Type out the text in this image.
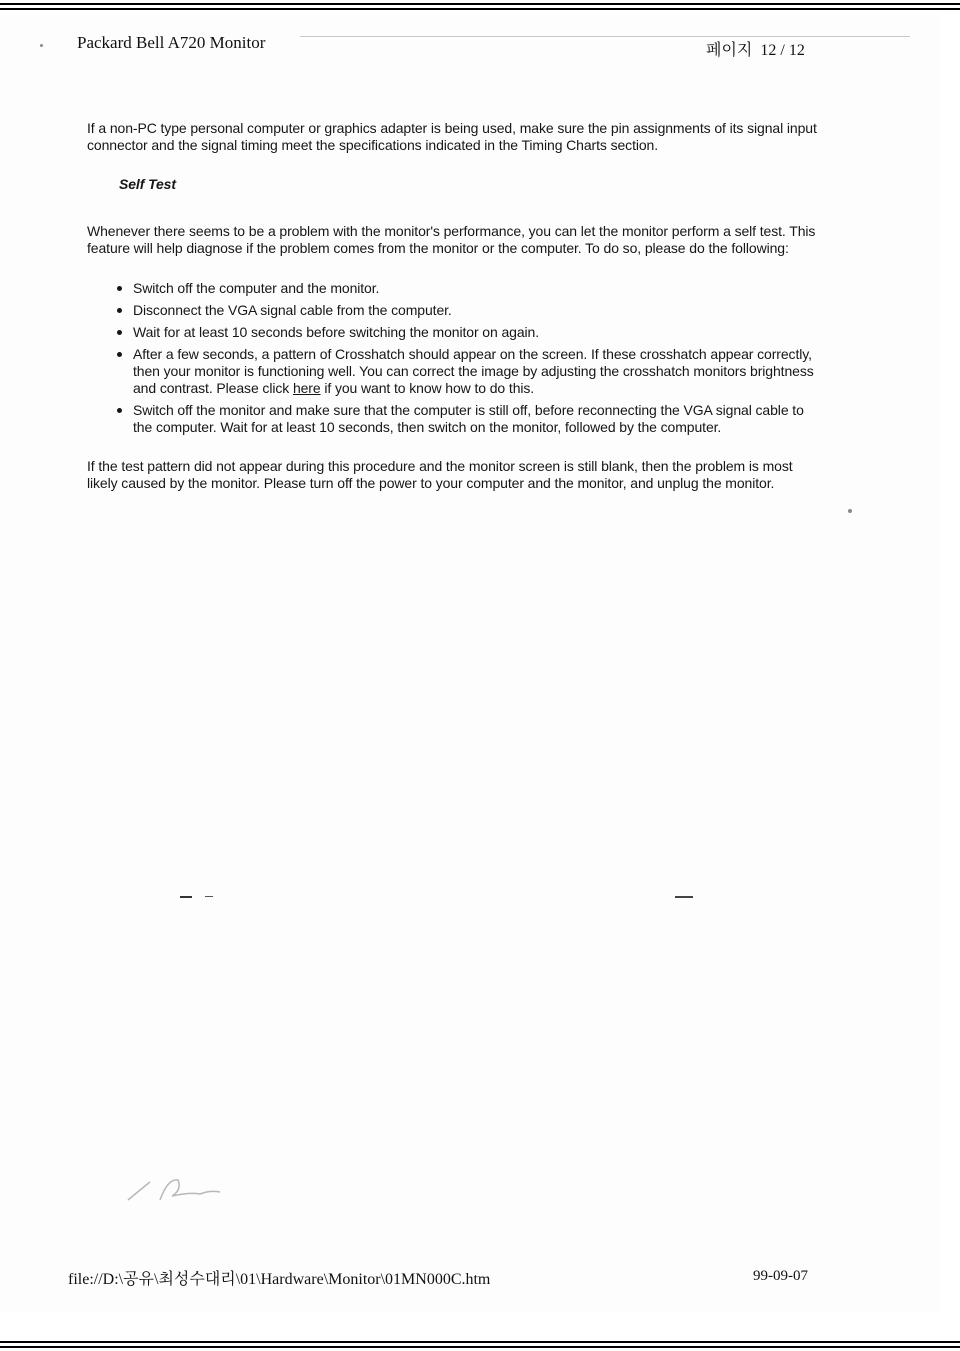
Packard Bell A720 Monitor	페이지  12 / 12

If a non-PC type personal computer or graphics adapter is being used, make sure the pin assignments of its signal input connector and the signal timing meet the specifications indicated in the Timing Charts section.

Self Test

Whenever there seems to be a problem with the monitor's performance, you can let the monitor perform a self test. This feature will help diagnose if the problem comes from the monitor or the computer. To do so, please do the following:

Switch off the computer and the monitor.
Disconnect the VGA signal cable from the computer.
Wait for at least 10 seconds before switching the monitor on again.
After a few seconds, a pattern of Crosshatch should appear on the screen. If these crosshatch appear correctly, then your monitor is functioning well. You can correct the image by adjusting the crosshatch monitors brightness and contrast. Please click here if you want to know how to do this.
Switch off the monitor and make sure that the computer is still off, before reconnecting the VGA signal cable to the computer. Wait for at least 10 seconds, then switch on the monitor, followed by the computer.

If the test pattern did not appear during this procedure and the monitor screen is still blank, then the problem is most likely caused by the monitor. Please turn off the power to your computer and the monitor, and unplug the monitor.

file://D:\공유\최성수대리\01\Hardware\Monitor\01MN000C.htm	99-09-07
